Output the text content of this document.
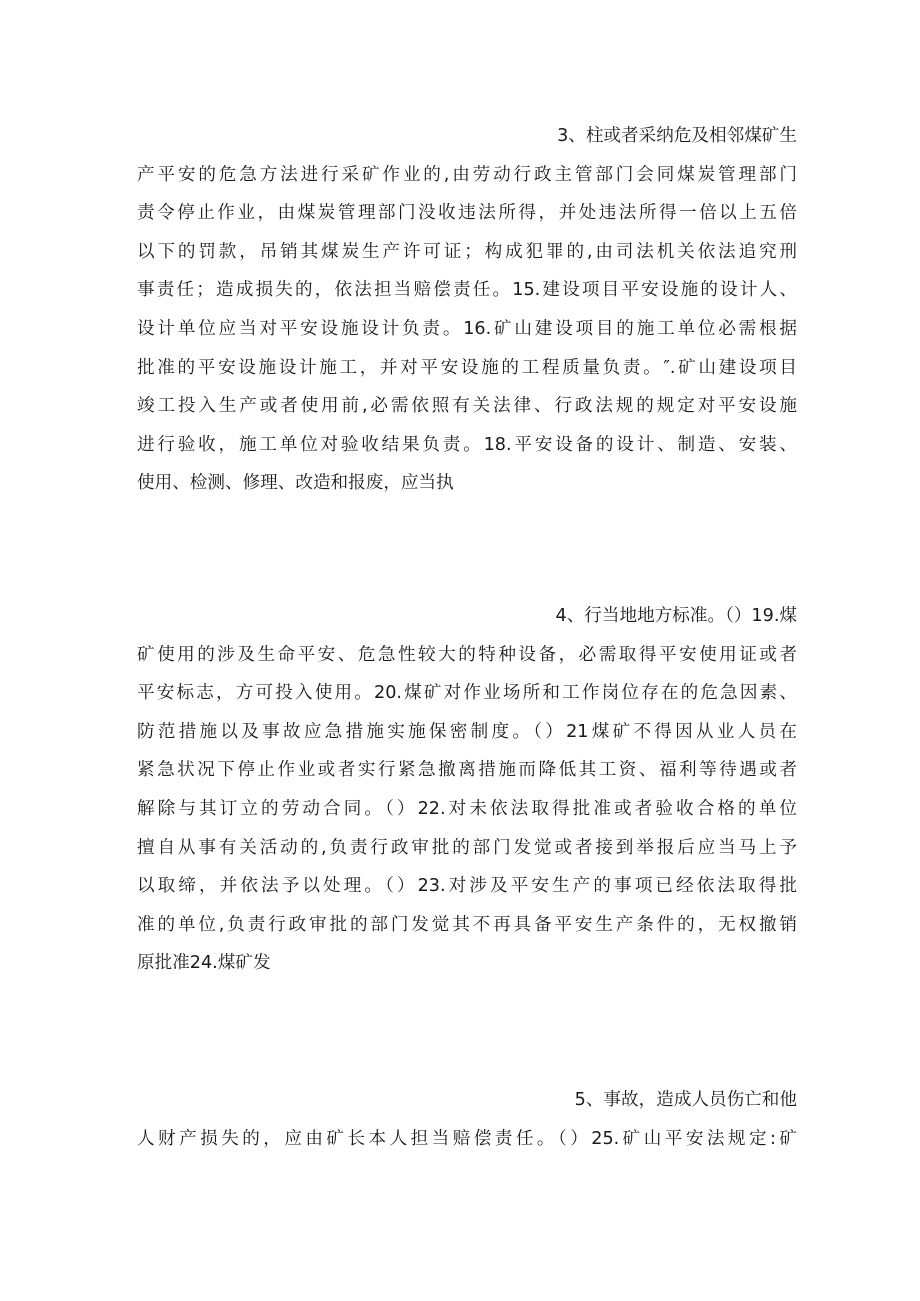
3、柱或者采纳危及相邻煤矿生
产平安的危急方法进行采矿作业的,由劳动行政主管部门会同煤炭管理部门
责令停止作业，由煤炭管理部门没收违法所得，并处违法所得一倍以上五倍
以下的罚款，吊销其煤炭生产许可证；构成犯罪的,由司法机关依法追究刑
事责任；造成损失的，依法担当赔偿责任。15.建设项目平安设施的设计人、
设计单位应当对平安设施设计负责。16.矿山建设项目的施工单位必需根据
批准的平安设施设计施工，并对平安设施的工程质量负责。″.矿山建设项目
竣工投入生产或者使用前,必需依照有关法律、行政法规的规定对平安设施
进行验收，施工单位对验收结果负责。18.平安设备的设计、制造、安装、
使用、检测、修理、改造和报废，应当执
4、行当地地方标准。（）19.煤
矿使用的涉及生命平安、危急性较大的特种设备，必需取得平安使用证或者
平安标志，方可投入使用。20.煤矿对作业场所和工作岗位存在的危急因素、
防范措施以及事故应急措施实施保密制度。（）21煤矿不得因从业人员在
紧急状况下停止作业或者实行紧急撤离措施而降低其工资、福利等待遇或者
解除与其订立的劳动合同。（）22.对未依法取得批准或者验收合格的单位
擅自从事有关活动的,负责行政审批的部门发觉或者接到举报后应当马上予
以取缔，并依法予以处理。（）23.对涉及平安生产的事项已经依法取得批
准的单位,负责行政审批的部门发觉其不再具备平安生产条件的，无权撤销
原批准24.煤矿发
5、事故，造成人员伤亡和他
人财产损失的，应由矿长本人担当赔偿责任。（）25.矿山平安法规定:矿
